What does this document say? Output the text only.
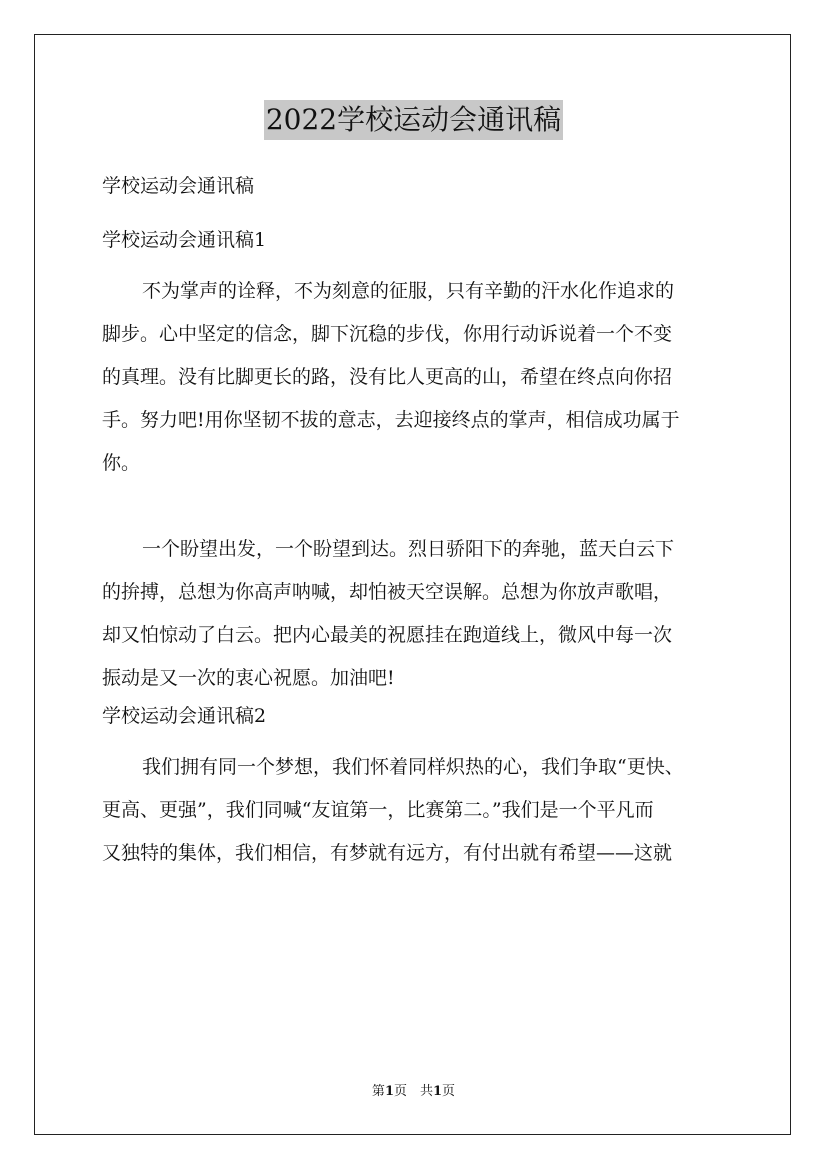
2022学校运动会通讯稿
学校运动会通讯稿
学校运动会通讯稿1
不为掌声的诠释，不为刻意的征服，只有辛勤的汗水化作追求的
脚步。心中坚定的信念，脚下沉稳的步伐，你用行动诉说着一个不变
的真理。没有比脚更长的路，没有比人更高的山，希望在终点向你招
手。努力吧!用你坚韧不拔的意志，去迎接终点的掌声，相信成功属于
你。
一个盼望出发，一个盼望到达。烈日骄阳下的奔驰，蓝天白云下
的拚搏，总想为你高声呐喊，却怕被天空误解。总想为你放声歌唱，
却又怕惊动了白云。把内心最美的祝愿挂在跑道线上，微风中每一次
振动是又一次的衷心祝愿。加油吧!
学校运动会通讯稿2
我们拥有同一个梦想，我们怀着同样炽热的心，我们争取“更快、
更高、更强”，我们同喊“友谊第一，比赛第二。”我们是一个平凡而
又独特的集体，我们相信，有梦就有远方，有付出就有希望——这就
第1页　共1页
